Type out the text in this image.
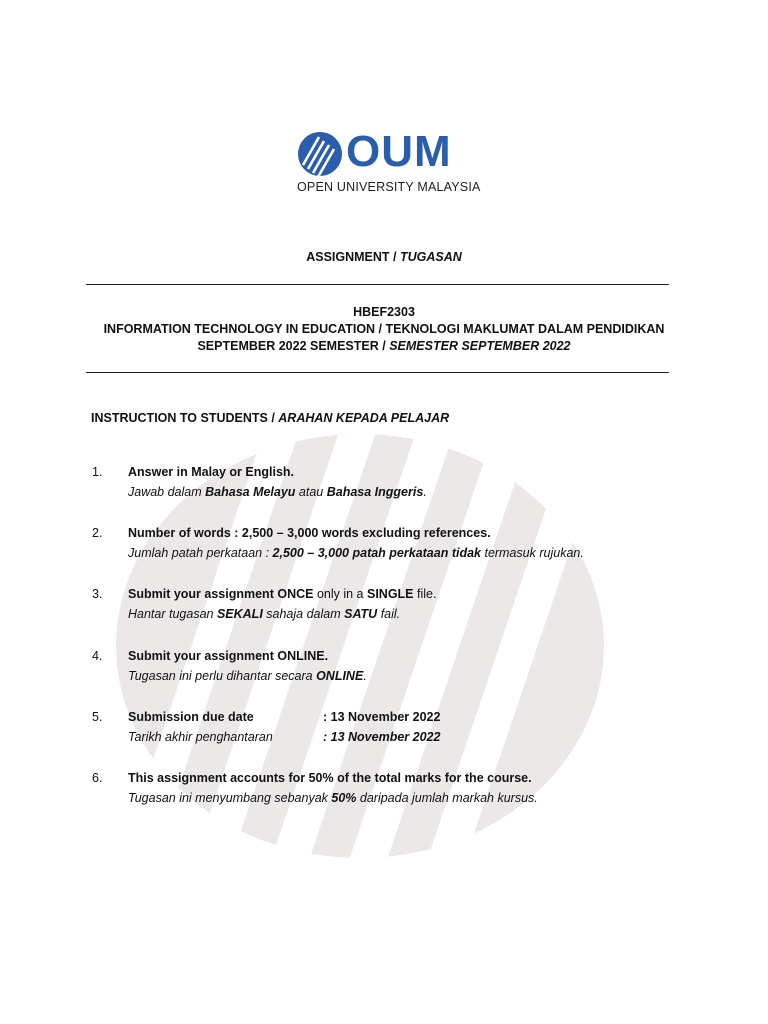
OUM
OPEN UNIVERSITY MALAYSIA
ASSIGNMENT / TUGASAN
HBEF2303
INFORMATION TECHNOLOGY IN EDUCATION / TEKNOLOGI MAKLUMAT DALAM PENDIDIKAN
SEPTEMBER 2022 SEMESTER / SEMESTER SEPTEMBER 2022
INSTRUCTION TO STUDENTS / ARAHAN KEPADA PELAJAR
1. Answer in Malay or English.
Jawab dalam Bahasa Melayu atau Bahasa Inggeris.
2. Number of words : 2,500 – 3,000 words excluding references.
Jumlah patah perkataan : 2,500 – 3,000 patah perkataan tidak termasuk rujukan.
3. Submit your assignment ONCE only in a SINGLE file.
Hantar tugasan SEKALI sahaja dalam SATU fail.
4. Submit your assignment ONLINE.
Tugasan ini perlu dihantar secara ONLINE.
5. Submission due date	: 13 November 2022
Tarikh akhir penghantaran	: 13 November 2022
6. This assignment accounts for 50% of the total marks for the course.
Tugasan ini menyumbang sebanyak 50% daripada jumlah markah kursus.
